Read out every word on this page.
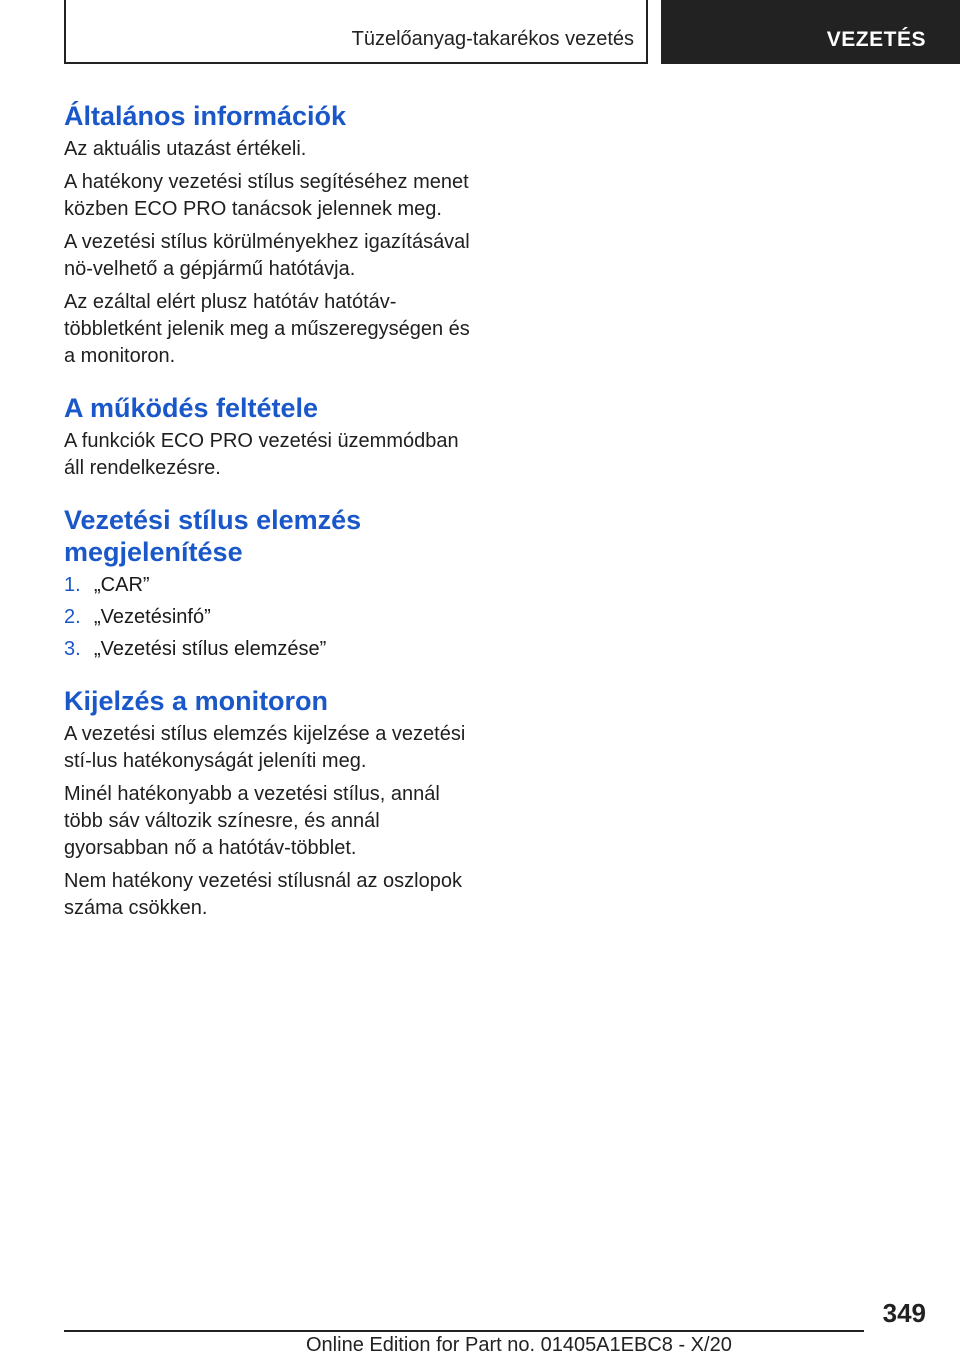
Tüzelőanyag-takarékos vezetés	VEZETÉS
Általános információk

Az aktuális utazást értékeli.

A hatékony vezetési stílus segítéséhez menet közben ECO PRO tanácsok jelennek meg.

A vezetési stílus körülményekhez igazításával nö-velhető a gépjármű hatótávja.

Az ezáltal elért plusz hatótáv hatótáv-többletként jelenik meg a műszeregységen és a monitoron.

A működés feltétele

A funkciók ECO PRO vezetési üzemmódban áll rendelkezésre.

Vezetési stílus elemzés megjelenítése
1. „CAR”
2. „Vezetésinfó”
3. „Vezetési stílus elemzése”
Kijelzés a monitoron

A vezetési stílus elemzés kijelzése a vezetési stí-lus hatékonyságát jeleníti meg.

Minél hatékonyabb a vezetési stílus, annál több sáv változik színesre, és annál gyorsabban nő a hatótáv-többlet.

Nem hatékony vezetési stílusnál az oszlopok száma csökken.

349
Online Edition for Part no. 01405A1EBC8 - X/20
